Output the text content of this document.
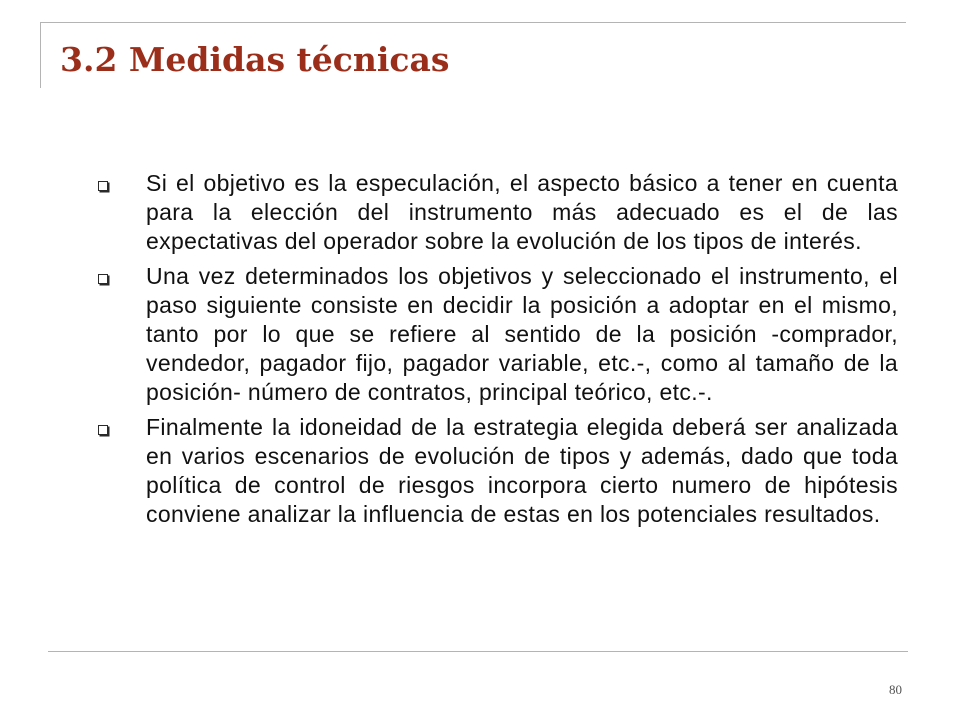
3.2 Medidas técnicas
Si el objetivo es la especulación, el aspecto básico a tener en cuenta para la elección del instrumento más adecuado es el de las expectativas del operador sobre la evolución de los tipos de interés.
Una vez determinados los objetivos y seleccionado el instrumento, el paso siguiente consiste en decidir la posición a adoptar en el mismo, tanto por lo que se refiere al sentido de la posición -comprador, vendedor, pagador fijo, pagador variable, etc.-, como al tamaño de la posición- número de contratos, principal teórico, etc.-.
Finalmente la idoneidad de la estrategia elegida deberá ser analizada en varios escenarios de evolución de tipos y además, dado que toda política de control de riesgos incorpora cierto numero de hipótesis conviene analizar la influencia de estas en los potenciales resultados.
80
